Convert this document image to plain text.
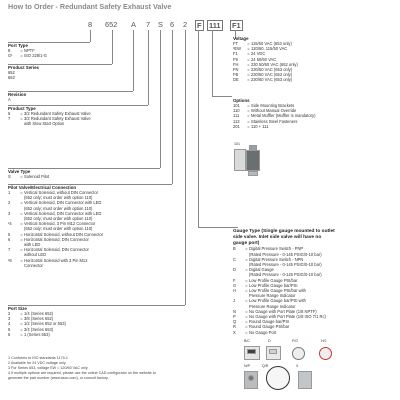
How to Order - Redundant Safety Exhaust Valve
8 652 A 7 S 6 2 F 111 F1
Port Type
8 =NPTF
G¹ =ISO 228/1-G
Product Series
652
653
Revision
A
Product Type
6 =3/2 Redundant Safety Exhaust Valve
7 =3/2 Redundant Safety Exhaust Valve
with Slow Start Option
Valve Type
S =Solenoid Pilot
Pilot Valve/Electrical Connection
1 =Vertical Solenoid, without DIN Connector
(652 only; must order with option 110)
2 =Vertical Solenoid, DIN Connector with LED
(652 only; must order with option 110)
3 =Vertical Solenoid, DIN Connector with LED
(652 only; must order with option 110)
²4 =Vertical Solenoid, 3 Pin M12 Connector
(652 only; must order with option 110)
5 =Horizontal Solenoid, without DIN Connector
6 =Horizontal Solenoid, DIN Connector
with LED
7 =Horizontal Solenoid, DIN Connector
without LED
²8 =Horizontal Solenoid with 3 Pin M12
Connector
Port Size
2 =1/4 (Series 652)
3 =3/8 (Series 652)
4 =1/2 (Series 652 or 653)
5 =3/4 (Series 653)
6 =1 (Series 653)
1 Conforms to ISO standards 1179-1
2 Available for 24 VDC voltage only
3 For Series 653, voltage EW = 120/60 VAC only
4 If multiple options are required, please use the online CAD configurator on the website to
generate the part number (www.asco.com), or consult factory.
Voltage
FT =115/50 VAC (653 only)
³EW =120/60, 115/50 VAC
F1 =24 VDC
F9 =24 50/60 VAC
FH =230 50/60 VAC (652 only)
FN =230/50 VAC (653 only)
FB =230/50 VAC (652 only)
DE =230/60 VAC (653 only)
Options
101 =Side Mounting Brackets
110 =Without Manual Override
111 =Metal Muffler (Muffler is mandatory)
113 =Stainless Steel Fasteners
201 =110 + 111
101
Gauge Type (Single gauge mounted to outlet
side valve. Inlet side valve will have no
gauge port)
B =Digital Pressure Switch - PNP
(Rated Pressure - 0-145 PSIG/0-10 bar)
C =Digital Pressure Switch - NPN
(Rated Pressure - 0-145 PSIG/0-10 bar)
D =Digital Gauge
(Rated Pressure - 0-145 PSIG/0-10 bar)
F =Low Profile Gauge PSI/bar
G =Low Profile Gauge bar/PSI
H =Low Profile Gauge PSI/bar with
Pressure Range Indicator
J	=Low Profile Gauge bar/PSI with
Pressure Range Indicator
N =No Gauge with Port Plate (1/8 NPTF)
P =No Gauge with Port Plate (1/8 ISO 7/1 Rc)
Q =Round Gauge bar/PSI
R =Round Gauge PSI/bar
X =No Gauge Port
B/C	D	F/G	H/J
N/P	Q/R	X
